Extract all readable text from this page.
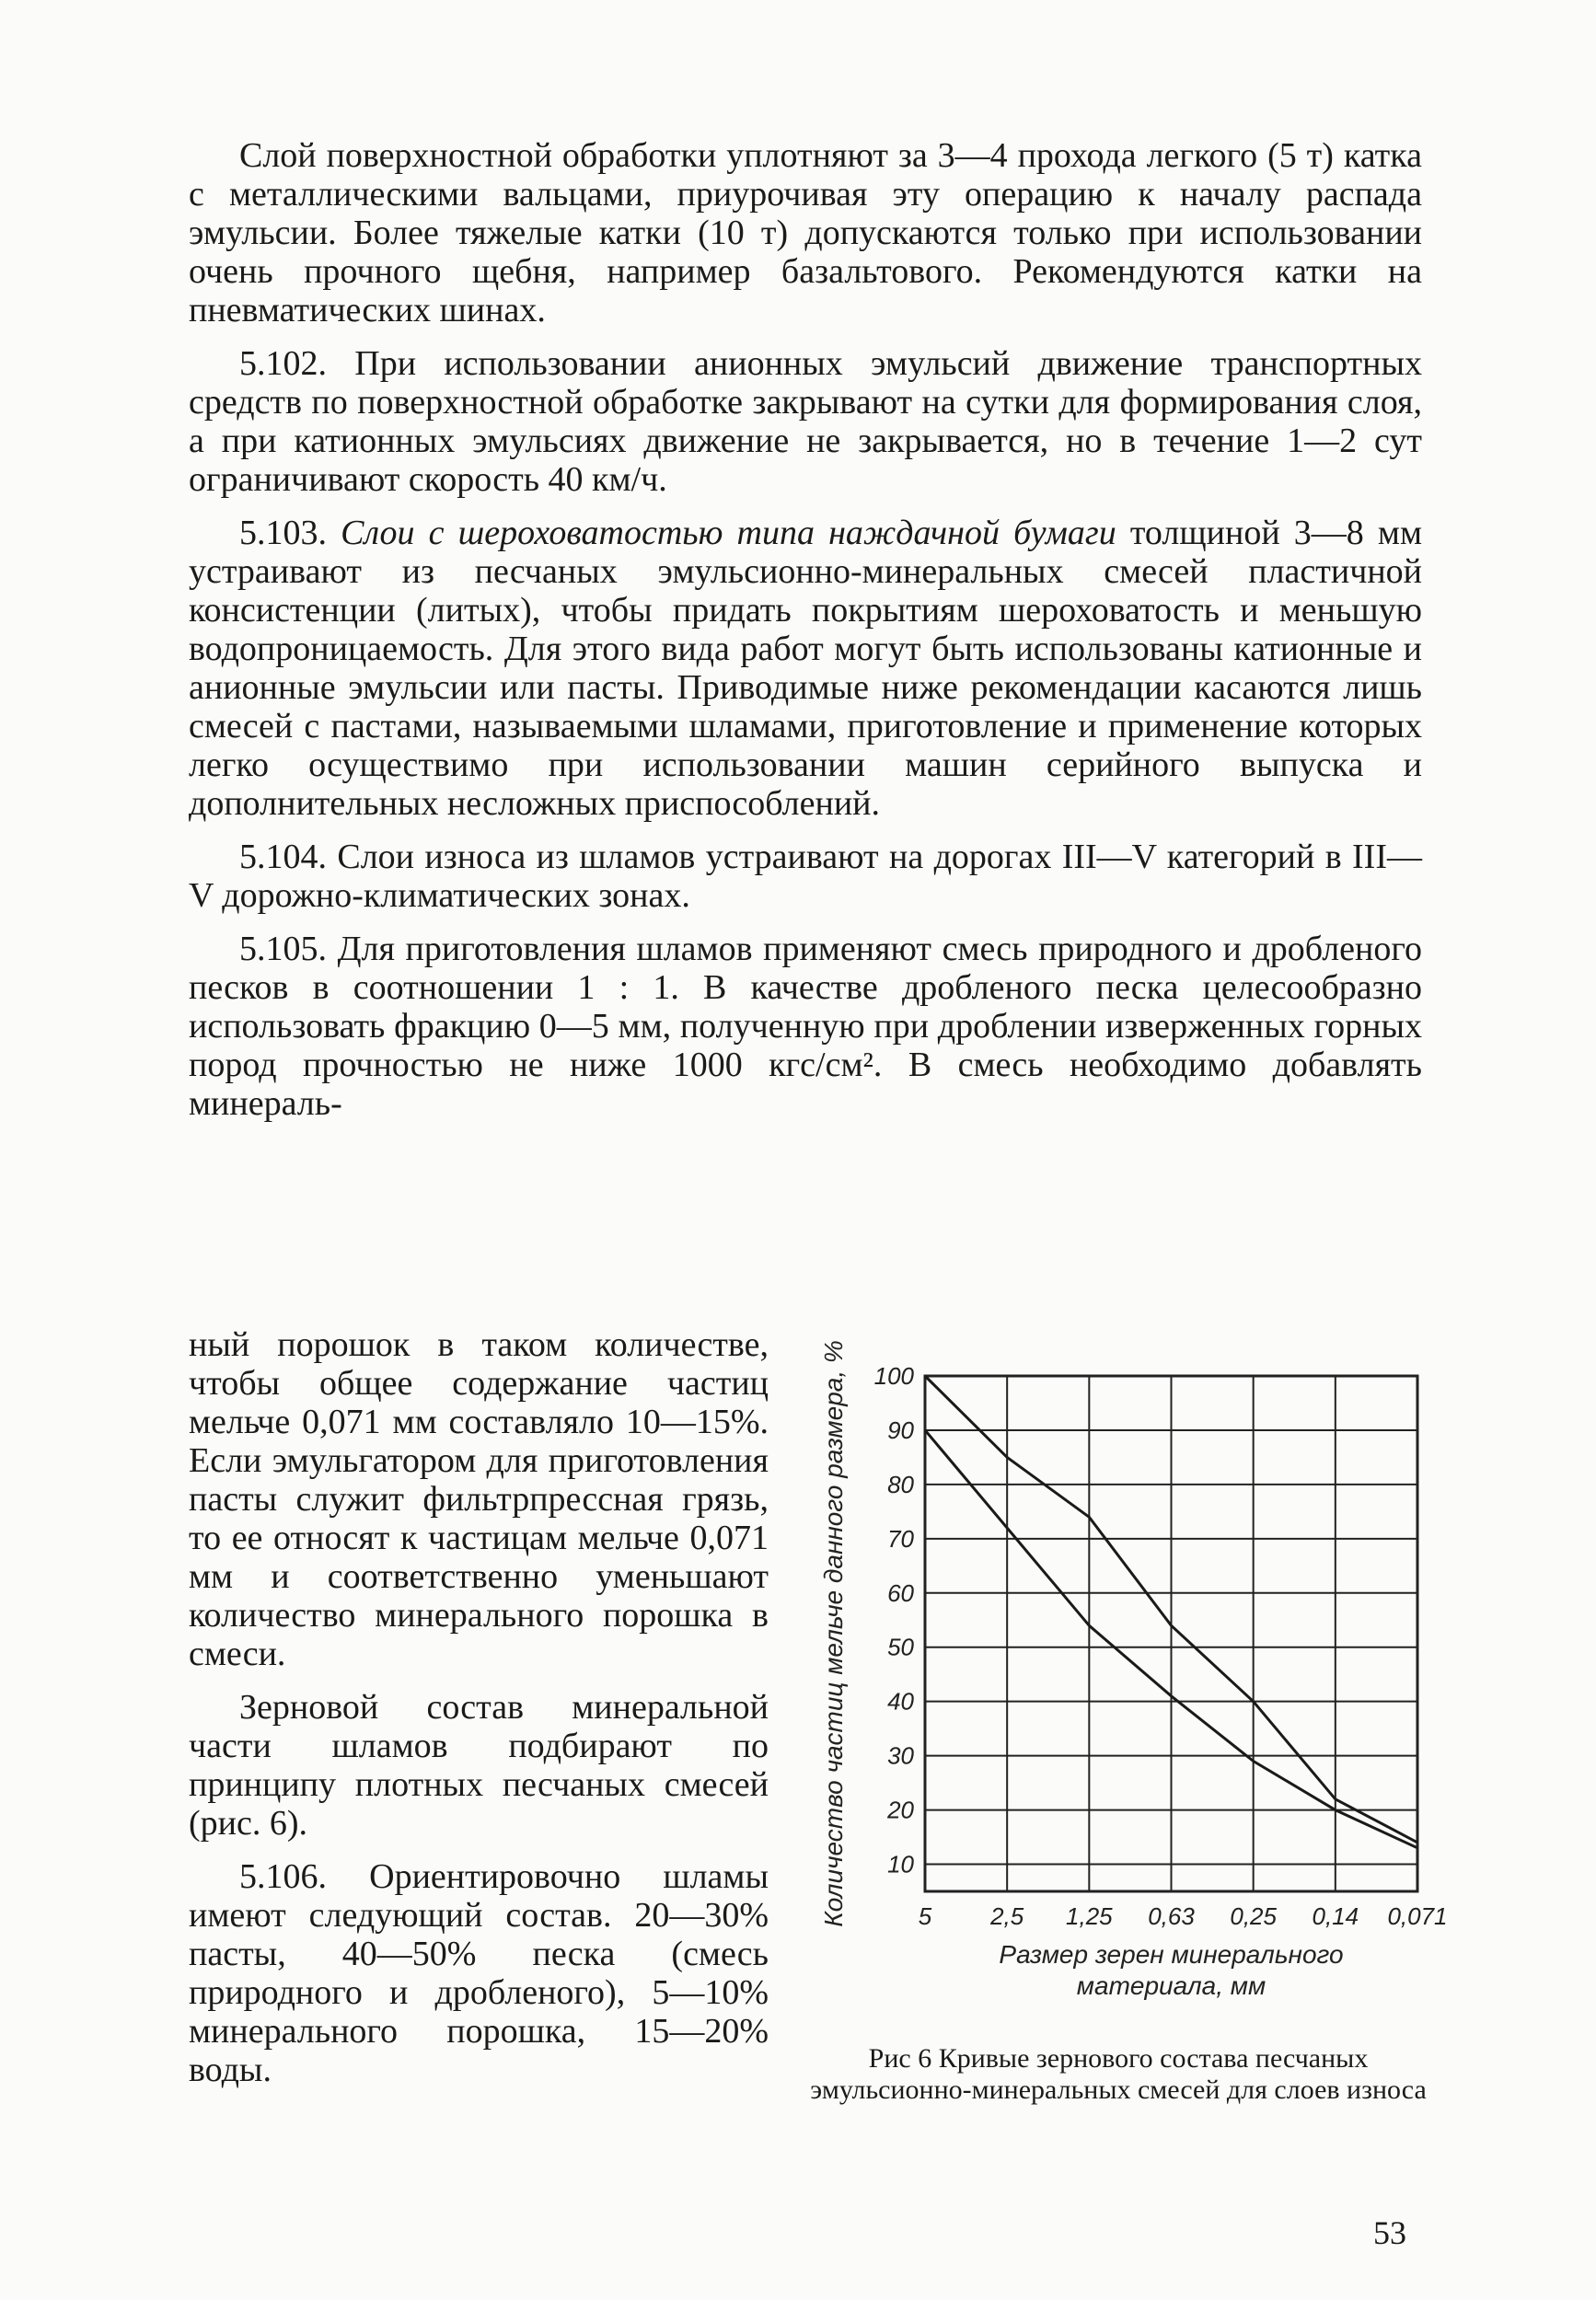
Слой поверхностной обработки уплотняют за 3—4 прохода легкого (5 т) катка с металлическими вальцами, приурочивая эту операцию к началу распада эмульсии. Более тяжелые катки (10 т) допускаются только при использовании очень прочного щебня, например базальтового. Рекомендуются катки на пневматических шинах.

5.102. При использовании анионных эмульсий движение транспортных средств по поверхностной обработке закрывают на сутки для формирования слоя, а при катионных эмульсиях движение не закрывается, но в течение 1—2 сут ограничивают скорость 40 км/ч.

5.103. Слои с шероховатостью типа наждачной бумаги толщиной 3—8 мм устраивают из песчаных эмульсионно-минеральных смесей пластичной консистенции (литых), чтобы придать покрытиям шероховатость и меньшую водопроницаемость. Для этого вида работ могут быть использованы катионные и анионные эмульсии или пасты. Приводимые ниже рекомендации касаются лишь смесей с пастами, называемыми шламами, приготовление и применение которых легко осуществимо при использовании машин серийного выпуска и дополнительных несложных приспособлений.

5.104. Слои износа из шламов устраивают на дорогах III—V категорий в III—V дорожно-климатических зонах.

5.105. Для приготовления шламов применяют смесь природного и дробленого песков в соотношении 1 : 1. В качестве дробленого песка целесообразно использовать фракцию 0—5 мм, полученную при дроблении изверженных горных пород прочностью не ниже 1000 кгс/см². В смесь необходимо добавлять минераль-

ный порошок в таком количестве, чтобы общее содержание частиц мельче 0,071 мм составляло 10—15%. Если эмульгатором для приготовления пасты служит фильтрпрессная грязь, то ее относят к частицам мельче 0,071 мм и соответственно уменьшают количество минерального порошка в смеси.

Зерновой состав минеральной части шламов подбирают по принципу плотных песчаных смесей (рис. 6).

5.106. Ориентировочно шламы имеют следующий состав. 20—30% пасты, 40—50% песка (смесь природного и дробленого), 5—10% минерального порошка, 15—20% воды.

10
20
30
40
50
60
70
80
90
100
5 2,5 1,25 0,63 0,25 0,14 0,071
Количество частиц мельче данного размера, %
Размер зерен минерального
материала, мм
Рис 6 Кривые зернового состава песчаных эмульсионно-минеральных смесей для слоев износа
53
